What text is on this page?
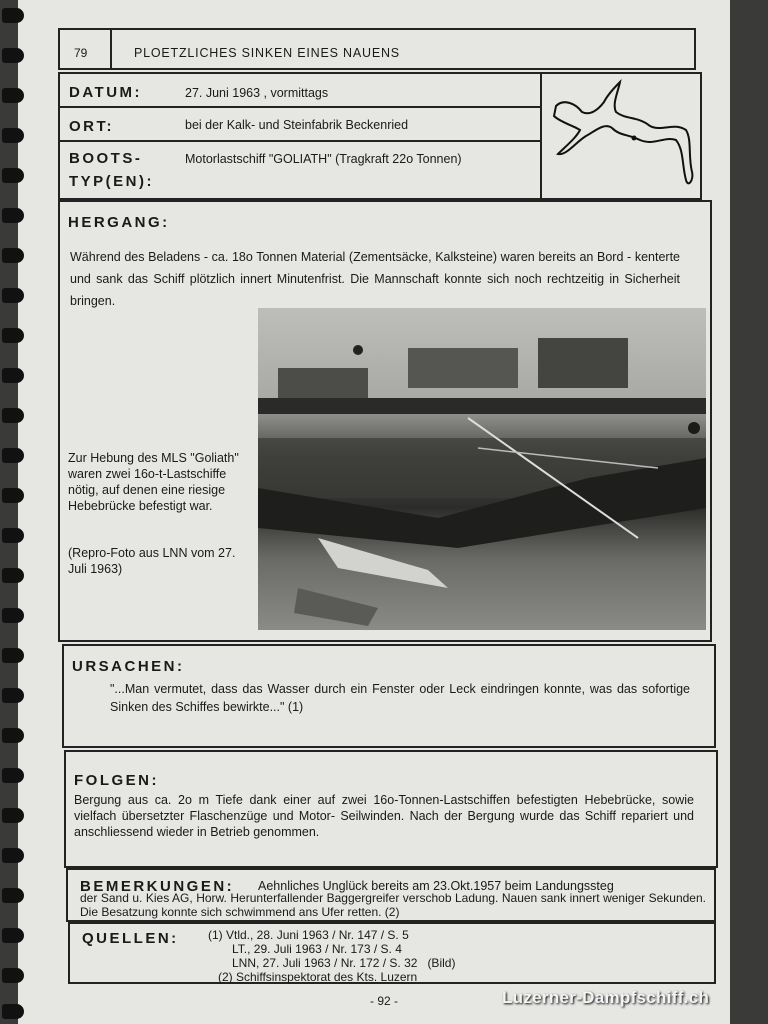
79	PLOETZLICHES SINKEN EINES NAUENS
DATUM:	27. Juni 1963 , vormittags
ORT:	bei der Kalk- und Steinfabrik Beckenried
BOOTS-
TYP(EN):
Motorlastschiff "GOLIATH" (Tragkraft 22o Tonnen)
HERGANG:
Während des Beladens - ca. 18o Tonnen Material (Zementsäcke, Kalksteine) waren bereits an Bord - kenterte und sank das Schiff plötzlich innert Minutenfrist. Die Mannschaft konnte sich noch rechtzeitig in Sicherheit bringen.
Zur Hebung des MLS "Goliath" waren zwei 16o-t-Lastschiffe nötig, auf denen eine riesige Hebebrücke befestigt war.
(Repro-Foto aus LNN vom 27. Juli 1963)
URSACHEN:
"...Man vermutet, dass das Wasser durch ein Fenster oder Leck eindringen konnte, was das sofortige Sinken des Schiffes bewirkte..." (1)
FOLGEN:
Bergung aus ca. 2o m Tiefe dank einer auf zwei 16o-Tonnen-Lastschiffen befestigten Hebebrücke, sowie vielfach übersetzter Flaschenzüge und Motor- Seilwinden. Nach der Bergung wurde das Schiff repariert und anschliessend wieder in Betrieb genommen.
BEMERKUNGEN: Aehnliches Unglück bereits am 23.Okt.1957 beim Landungssteg
der Sand u. Kies AG, Horw. Herunterfallender Baggergreifer verschob Ladung. Nauen sank innert weniger Sekunden. Die Besatzung konnte sich schwimmend ans Ufer retten. (2)
QUELLEN: (1) Vtld., 28. Juni 1963 / Nr. 147 / S. 5
LT., 29. Juli 1963 / Nr. 173 / S. 4
LNN, 27. Juli 1963 / Nr. 172 / S. 32   (Bild)
(2) Schiffsinspektorat des Kts. Luzern
- 92 -	Luzerner-Dampfschiff.ch
